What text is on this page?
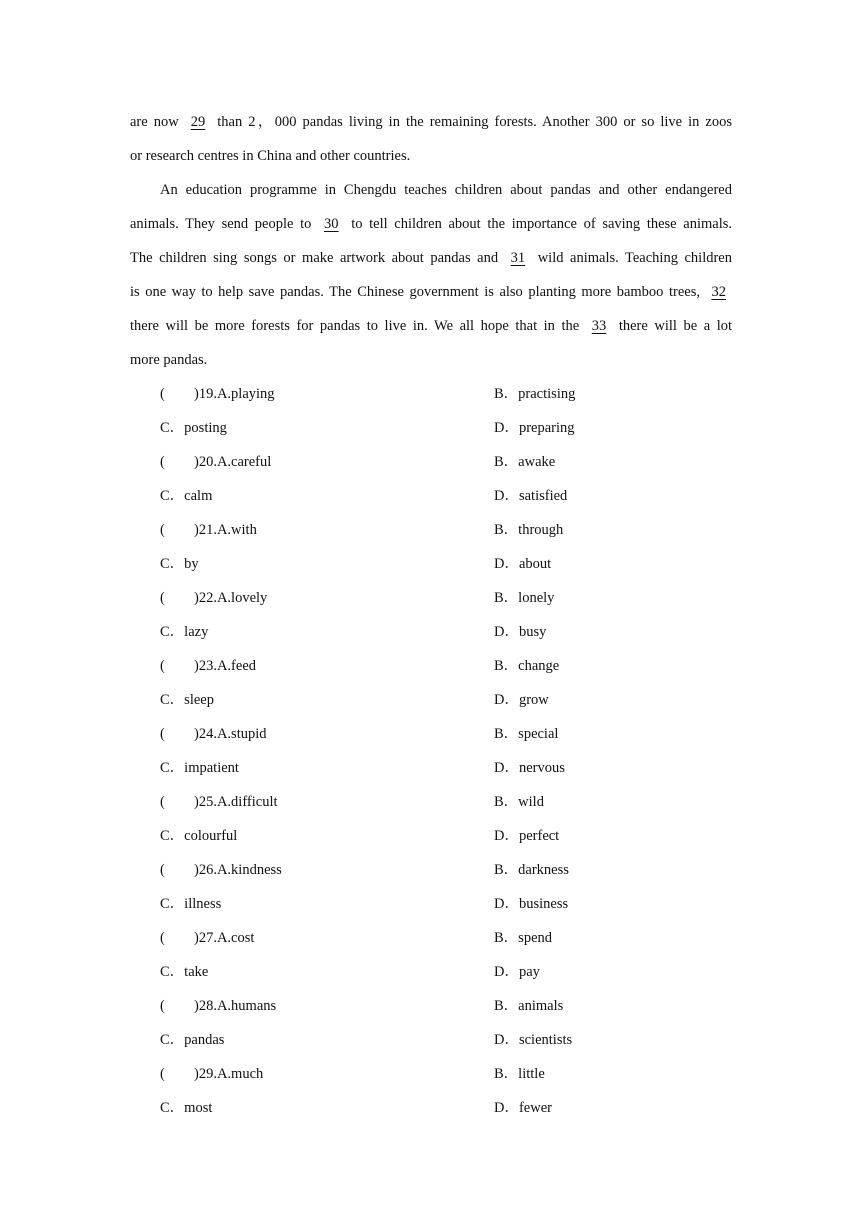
are now 29 than 2，000 pandas living in the remaining forests. Another 300 or so live in zoos
or research centres in China and other countries.
An education programme in Chengdu teaches children about pandas and other endangered
animals. They send people to 30 to tell children about the importance of saving these animals.
The children sing songs or make artwork about pandas and 31 wild animals. Teaching children
is one way to help save pandas. The Chinese government is also planting more bamboo trees, 32
there will be more forests for pandas to live in. We all hope that in the 33 there will be a lot
more pandas.
( )19.A.playing	B．practising
C．posting	D．preparing
( )20.A.careful	B．awake
C．calm	D．satisfied
( )21.A.with	B．through
C．by	D．about
( )22.A.lovely	B．lonely
C．lazy	D．busy
( )23.A.feed	B．change
C．sleep	D．grow
( )24.A.stupid	B．special
C．impatient	D．nervous
( )25.A.difficult	B．wild
C．colourful	D．perfect
( )26.A.kindness	B．darkness
C．illness	D．business
( )27.A.cost	B．spend
C．take	D．pay
( )28.A.humans	B．animals
C．pandas	D．scientists
( )29.A.much	B．little
C．most	D．fewer
